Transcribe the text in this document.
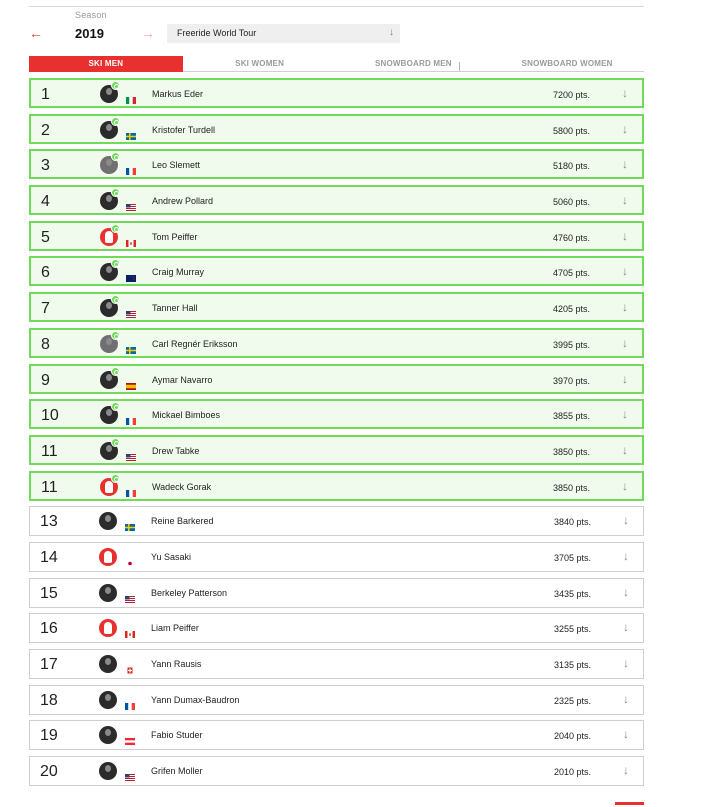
Season
← 2019	→	Freeride World Tour	↓
SKI MEN	SKI WOMEN	SNOWBOARD MEN	SNOWBOARD WOMEN
1	Markus Eder	7200 pts.	↓
2	Kristofer Turdell	5800 pts.	↓
3	Leo Slemett	5180 pts.	↓
4	Andrew Pollard	5060 pts.	↓
5	Tom Peiffer	4760 pts.	↓
6	Craig Murray	4705 pts.	↓
7	Tanner Hall	4205 pts.	↓
8	Carl Regnér Eriksson	3995 pts.	↓
9	Aymar Navarro	3970 pts.	↓
10	Mickael Bimboes	3855 pts.	↓
11	Drew Tabke	3850 pts.	↓
11	Wadeck Gorak	3850 pts.	↓
13	Reine Barkered	3840 pts.	↓
14	Yu Sasaki	3705 pts.	↓
15	Berkeley Patterson	3435 pts.	↓
16	Liam Peiffer	3255 pts.	↓
17	Yann Rausis	3135 pts.	↓
18	Yann Dumax-Baudron	2325 pts.	↓
19	Fabio Studer	2040 pts.	↓
20	Grifen Moller	2010 pts.	↓
